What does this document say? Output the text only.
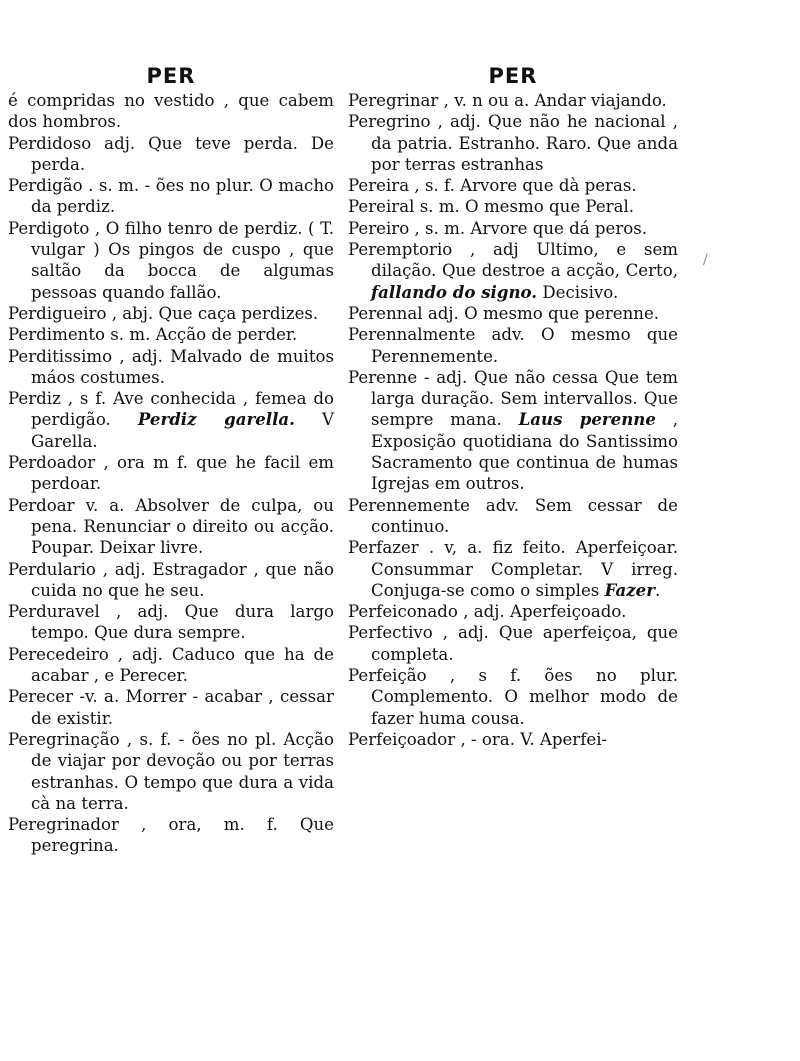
PER
é compridas no vestido , que cabem dos hombros.
Perdidoso adj. Que teve perda. De perda.
Perdigão . s. m. - ões no plur. O macho da perdiz.
Perdigoto , O filho tenro de perdiz. ( T. vulgar ) Os pingos de cuspo , que saltão da bocca de algumas pessoas quando fallão.
Perdigueiro , abj. Que caça perdizes.
Perdimento s. m. Acção de perder.
Perditissimo , adj. Malvado de muitos máos costumes.
Perdiz , s f. Ave conhecida , femea do perdigão. Perdiz garella. V Garella.
Perdoador , ora m f. que he facil em perdoar.
Perdoar v. a. Absolver de culpa, ou pena. Renunciar o direito ou acção. Poupar. Deixar livre.
Perdulario , adj. Estragador , que não cuida no que he seu.
Perduravel , adj. Que dura largo tempo. Que dura sempre.
Perecedeiro , adj. Caduco que ha de acabar , e Perecer.
Perecer -v. a. Morrer - acabar , cessar de existir.
Peregrinação , s. f. - ões no pl. Acção de viajar por devoção ou por terras estranhas. O tempo que dura a vida cà na terra.
Peregrinador , ora, m. f. Que peregrina.
PER
Peregrinar , v. n ou a. Andar viajando.
Peregrino , adj. Que não he nacional , da patria. Estranho. Raro. Que anda por terras estranhas
Pereira , s. f. Arvore que dà peras.
Pereiral s. m. O mesmo que Peral.
Pereiro , s. m. Arvore que dá peros.
Peremptorio , adj Ultimo, e sem dilação. Que destroe a acção, Certo, fallando do signo. Decisivo.
Perennal adj. O mesmo que perenne.
Perennalmente adv. O mesmo que Perennemente.
Perenne - adj. Que não cessa Que tem larga duração. Sem intervallos. Que sempre mana. Laus perenne , Exposição quotidiana do Santissimo Sacramento que continua de humas Igrejas em outros.
Perennemente adv. Sem cessar de continuo.
Perfazer . v, a. fiz feito. Aperfeiçoar. Consummar Completar. V irreg. Conjuga-se como o simples Fazer.
Perfeiconado , adj. Aperfeiçoado.
Perfectivo , adj. Que aperfeiçoa, que completa.
Perfeição , s f. ões no plur. Complemento. O melhor modo de fazer huma cousa.
Perfeiçoador , - ora. V. Aperfei-
/
